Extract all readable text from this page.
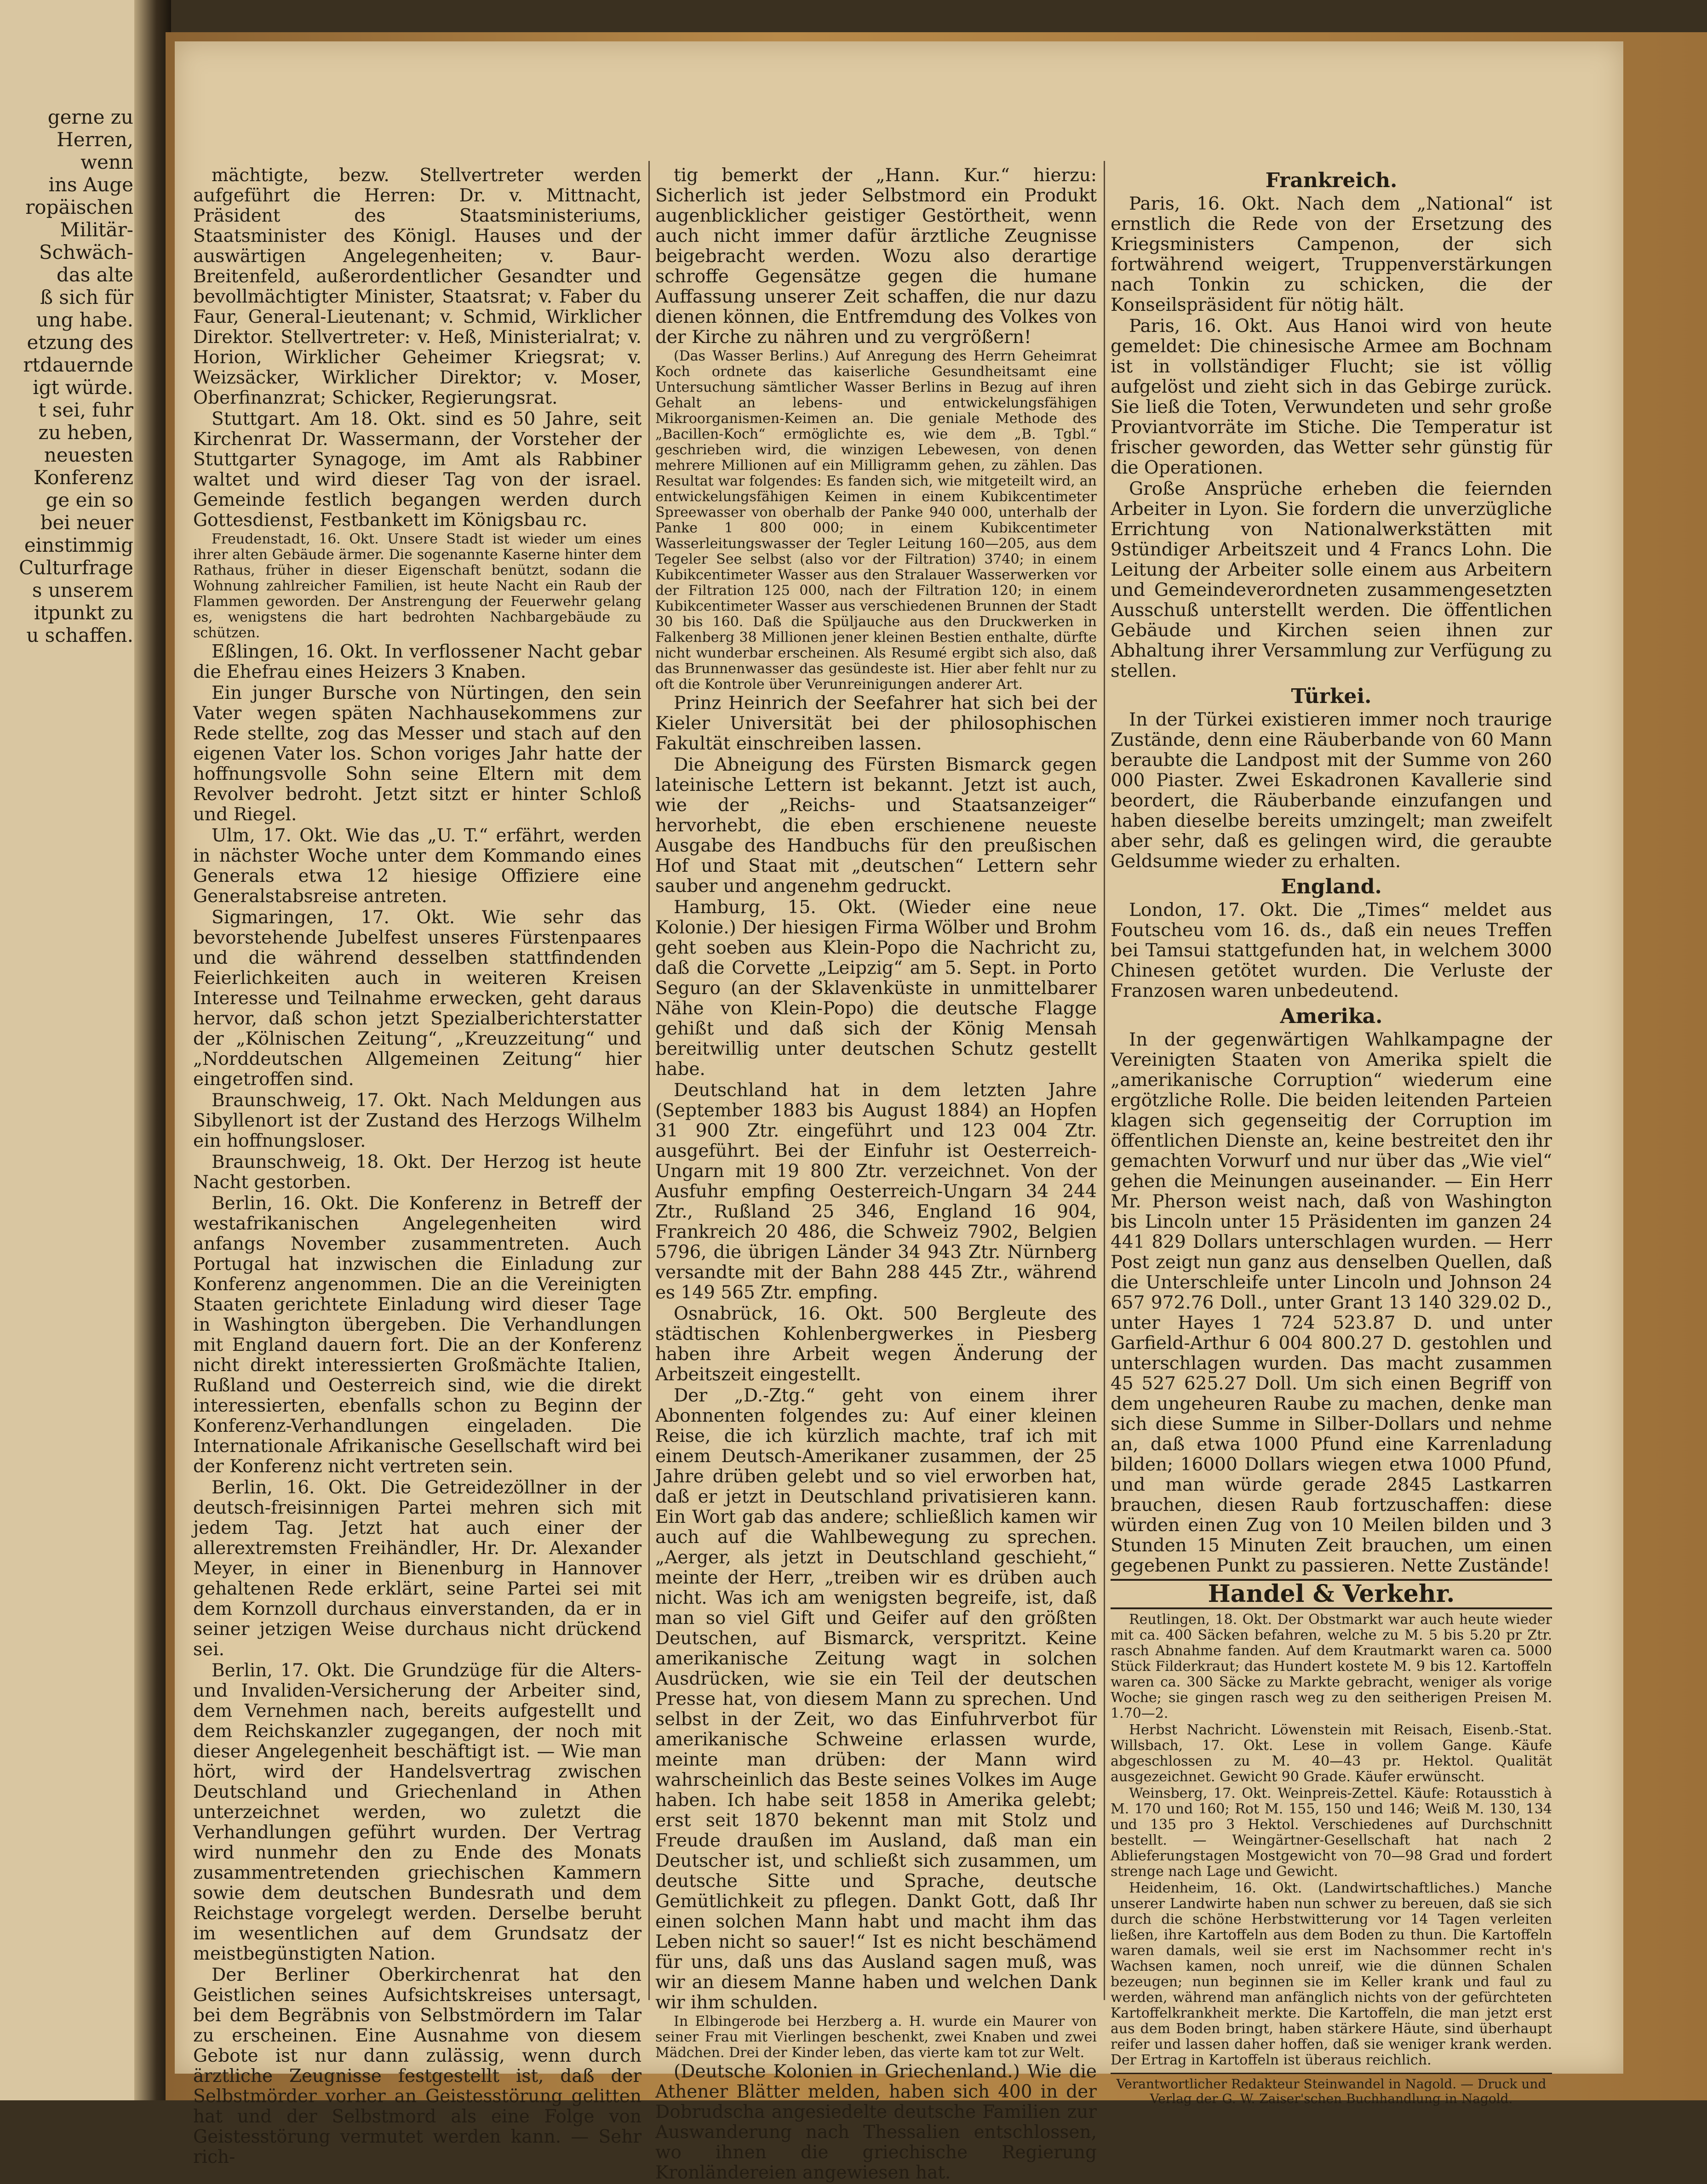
gerne zu
Herren, wenn
ins Auge
ropäischen
Militär-
Schwäch-
das alte
ß sich für
ung habe.
etzung des
rtdauernde
igt würde.
t sei, fuhr
zu heben,
neuesten
Konferenz
ge ein so
bei neuer
einstimmig
Culturfrage
s unserem
itpunkt zu
u schaffen.

mächtigte, bezw. Stellvertreter werden aufgeführt die Herren: Dr. v. Mittnacht, Präsident des Staatsministeriums, Staatsminister des Königl. Hauses und der auswärtigen Angelegenheiten; v. Baur-Breitenfeld, außerordentlicher Gesandter und bevollmächtigter Minister, Staatsrat; v. Faber du Faur, General-Lieutenant; v. Schmid, Wirklicher Direktor. Stellvertreter: v. Heß, Ministerialrat; v. Horion, Wirklicher Geheimer Kriegsrat; v. Weizsäcker, Wirklicher Direktor; v. Moser, Oberfinanzrat; Schicker, Regierungsrat.

Stuttgart. Am 18. Okt. sind es 50 Jahre, seit Kirchenrat Dr. Wassermann, der Vorsteher der Stuttgarter Synagoge, im Amt als Rabbiner waltet und wird dieser Tag von der israel. Gemeinde festlich begangen werden durch Gottesdienst, Festbankett im Königsbau rc.

Freudenstadt, 16. Okt. Unsere Stadt ist wieder um eines ihrer alten Gebäude ärmer. Die sogenannte Kaserne hinter dem Rathaus, früher in dieser Eigenschaft benützt, sodann die Wohnung zahlreicher Familien, ist heute Nacht ein Raub der Flammen geworden. Der Anstrengung der Feuerwehr gelang es, wenigstens die hart bedrohten Nachbargebäude zu schützen.

Eßlingen, 16. Okt. In verflossener Nacht gebar die Ehefrau eines Heizers 3 Knaben.

Ein junger Bursche von Nürtingen, den sein Vater wegen späten Nachhausekommens zur Rede stellte, zog das Messer und stach auf den eigenen Vater los. Schon voriges Jahr hatte der hoffnungsvolle Sohn seine Eltern mit dem Revolver bedroht. Jetzt sitzt er hinter Schloß und Riegel.

Ulm, 17. Okt. Wie das „U. T.“ erfährt, werden in nächster Woche unter dem Kommando eines Generals etwa 12 hiesige Offiziere eine Generalstabsreise antreten.

Sigmaringen, 17. Okt. Wie sehr das bevorstehende Jubelfest unseres Fürstenpaares und die während desselben stattfindenden Feierlichkeiten auch in weiteren Kreisen Interesse und Teilnahme erwecken, geht daraus hervor, daß schon jetzt Spezialberichterstatter der „Kölnischen Zeitung“, „Kreuzzeitung“ und „Norddeutschen Allgemeinen Zeitung“ hier eingetroffen sind.

Braunschweig, 17. Okt. Nach Meldungen aus Sibyllenort ist der Zustand des Herzogs Wilhelm ein hoffnungsloser.

Braunschweig, 18. Okt. Der Herzog ist heute Nacht gestorben.

Berlin, 16. Okt. Die Konferenz in Betreff der westafrikanischen Angelegenheiten wird anfangs November zusammentreten. Auch Portugal hat inzwischen die Einladung zur Konferenz angenommen. Die an die Vereinigten Staaten gerichtete Einladung wird dieser Tage in Washington übergeben. Die Verhandlungen mit England dauern fort. Die an der Konferenz nicht direkt interessierten Großmächte Italien, Rußland und Oesterreich sind, wie die direkt interessierten, ebenfalls schon zu Beginn der Konferenz-Verhandlungen eingeladen. Die Internationale Afrikanische Gesellschaft wird bei der Konferenz nicht vertreten sein.

Berlin, 16. Okt. Die Getreidezöllner in der deutsch-freisinnigen Partei mehren sich mit jedem Tag. Jetzt hat auch einer der allerextremsten Freihändler, Hr. Dr. Alexander Meyer, in einer in Bienenburg in Hannover gehaltenen Rede erklärt, seine Partei sei mit dem Kornzoll durchaus einverstanden, da er in seiner jetzigen Weise durchaus nicht drückend sei.

Berlin, 17. Okt. Die Grundzüge für die Alters- und Invaliden-Versicherung der Arbeiter sind, dem Vernehmen nach, bereits aufgestellt und dem Reichskanzler zugegangen, der noch mit dieser Angelegenheit beschäftigt ist. — Wie man hört, wird der Handelsvertrag zwischen Deutschland und Griechenland in Athen unterzeichnet werden, wo zuletzt die Verhandlungen geführt wurden. Der Vertrag wird nunmehr den zu Ende des Monats zusammentretenden griechischen Kammern sowie dem deutschen Bundesrath und dem Reichstage vorgelegt werden. Derselbe beruht im wesentlichen auf dem Grundsatz der meistbegünstigten Nation.

Der Berliner Oberkirchenrat hat den Geistlichen seines Aufsichtskreises untersagt, bei dem Begräbnis von Selbstmördern im Talar zu erscheinen. Eine Ausnahme von diesem Gebote ist nur dann zulässig, wenn durch ärztliche Zeugnisse festgestellt ist, daß der Selbstmörder vorher an Geistesstörung gelitten hat und der Selbstmord als eine Folge von Geistesstörung vermutet werden kann. — Sehr rich-

tig bemerkt der „Hann. Kur.“ hierzu: Sicherlich ist jeder Selbstmord ein Produkt augenblicklicher geistiger Gestörtheit, wenn auch nicht immer dafür ärztliche Zeugnisse beigebracht werden. Wozu also derartige schroffe Gegensätze gegen die humane Auffassung unserer Zeit schaffen, die nur dazu dienen können, die Entfremdung des Volkes von der Kirche zu nähren und zu vergrößern!

(Das Wasser Berlins.) Auf Anregung des Herrn Geheimrat Koch ordnete das kaiserliche Gesundheitsamt eine Untersuchung sämtlicher Wasser Berlins in Bezug auf ihren Gehalt an lebens- und entwickelungsfähigen Mikroorganismen-Keimen an. Die geniale Methode des „Bacillen-Koch“ ermöglichte es, wie dem „B. Tgbl.“ geschrieben wird, die winzigen Lebewesen, von denen mehrere Millionen auf ein Milligramm gehen, zu zählen. Das Resultat war folgendes: Es fanden sich, wie mitgeteilt wird, an entwickelungsfähigen Keimen in einem Kubikcentimeter Spreewasser von oberhalb der Panke 940 000, unterhalb der Panke 1 800 000; in einem Kubikcentimeter Wasserleitungswasser der Tegler Leitung 160—205, aus dem Tegeler See selbst (also vor der Filtration) 3740; in einem Kubikcentimeter Wasser aus den Stralauer Wasserwerken vor der Filtration 125 000, nach der Filtration 120; in einem Kubikcentimeter Wasser aus verschiedenen Brunnen der Stadt 30 bis 160. Daß die Spüljauche aus den Druckwerken in Falkenberg 38 Millionen jener kleinen Bestien enthalte, dürfte nicht wunderbar erscheinen. Als Resumé ergibt sich also, daß das Brunnenwasser das gesündeste ist. Hier aber fehlt nur zu oft die Kontrole über Verunreinigungen anderer Art.

Prinz Heinrich der Seefahrer hat sich bei der Kieler Universität bei der philosophischen Fakultät einschreiben lassen.

Die Abneigung des Fürsten Bismarck gegen lateinische Lettern ist bekannt. Jetzt ist auch, wie der „Reichs- und Staatsanzeiger“ hervorhebt, die eben erschienene neueste Ausgabe des Handbuchs für den preußischen Hof und Staat mit „deutschen“ Lettern sehr sauber und angenehm gedruckt.

Hamburg, 15. Okt. (Wieder eine neue Kolonie.) Der hiesigen Firma Wölber und Brohm geht soeben aus Klein-Popo die Nachricht zu, daß die Corvette „Leipzig“ am 5. Sept. in Porto Seguro (an der Sklavenküste in unmittelbarer Nähe von Klein-Popo) die deutsche Flagge gehißt und daß sich der König Mensah bereitwillig unter deutschen Schutz gestellt habe.

Deutschland hat in dem letzten Jahre (September 1883 bis August 1884) an Hopfen 31 900 Ztr. eingeführt und 123 004 Ztr. ausgeführt. Bei der Einfuhr ist Oesterreich-Ungarn mit 19 800 Ztr. verzeichnet. Von der Ausfuhr empfing Oesterreich-Ungarn 34 244 Ztr., Rußland 25 346, England 16 904, Frankreich 20 486, die Schweiz 7902, Belgien 5796, die übrigen Länder 34 943 Ztr. Nürnberg versandte mit der Bahn 288 445 Ztr., während es 149 565 Ztr. empfing.

Osnabrück, 16. Okt. 500 Bergleute des städtischen Kohlenbergwerkes in Piesberg haben ihre Arbeit wegen Änderung der Arbeitszeit eingestellt.

Der „D.-Ztg.“ geht von einem ihrer Abonnenten folgendes zu: Auf einer kleinen Reise, die ich kürzlich machte, traf ich mit einem Deutsch-Amerikaner zusammen, der 25 Jahre drüben gelebt und so viel erworben hat, daß er jetzt in Deutschland privatisieren kann. Ein Wort gab das andere; schließlich kamen wir auch auf die Wahlbewegung zu sprechen. „Aerger, als jetzt in Deutschland geschieht,“ meinte der Herr, „treiben wir es drüben auch nicht. Was ich am wenigsten begreife, ist, daß man so viel Gift und Geifer auf den größten Deutschen, auf Bismarck, verspritzt. Keine amerikanische Zeitung wagt in solchen Ausdrücken, wie sie ein Teil der deutschen Presse hat, von diesem Mann zu sprechen. Und selbst in der Zeit, wo das Einfuhrverbot für amerikanische Schweine erlassen wurde, meinte man drüben: der Mann wird wahrscheinlich das Beste seines Volkes im Auge haben. Ich habe seit 1858 in Amerika gelebt; erst seit 1870 bekennt man mit Stolz und Freude draußen im Ausland, daß man ein Deutscher ist, und schließt sich zusammen, um deutsche Sitte und Sprache, deutsche Gemütlichkeit zu pflegen. Dankt Gott, daß Ihr einen solchen Mann habt und macht ihm das Leben nicht so sauer!“ Ist es nicht beschämend für uns, daß uns das Ausland sagen muß, was wir an diesem Manne haben und welchen Dank wir ihm schulden.

In Elbingerode bei Herzberg a. H. wurde ein Maurer von seiner Frau mit Vierlingen beschenkt, zwei Knaben und zwei Mädchen. Drei der Kinder leben, das vierte kam tot zur Welt.

(Deutsche Kolonien in Griechenland.) Wie die Athener Blätter melden, haben sich 400 in der Dobrudscha angesiedelte deutsche Familien zur Auswanderung nach Thessalien entschlossen, wo ihnen die griechische Regierung Kronländereien angewiesen hat.

Frankreich.

Paris, 16. Okt. Nach dem „National“ ist ernstlich die Rede von der Ersetzung des Kriegsministers Campenon, der sich fortwährend weigert, Truppenverstärkungen nach Tonkin zu schicken, die der Konseilspräsident für nötig hält.

Paris, 16. Okt. Aus Hanoi wird von heute gemeldet: Die chinesische Armee am Bochnam ist in vollständiger Flucht; sie ist völlig aufgelöst und zieht sich in das Gebirge zurück. Sie ließ die Toten, Verwundeten und sehr große Proviantvorräte im Stiche. Die Temperatur ist frischer geworden, das Wetter sehr günstig für die Operationen.

Große Ansprüche erheben die feiernden Arbeiter in Lyon. Sie fordern die unverzügliche Errichtung von Nationalwerkstätten mit 9stündiger Arbeitszeit und 4 Francs Lohn. Die Leitung der Arbeiter solle einem aus Arbeitern und Gemeindeverordneten zusammengesetzten Ausschuß unterstellt werden. Die öffentlichen Gebäude und Kirchen seien ihnen zur Abhaltung ihrer Versammlung zur Verfügung zu stellen.

Türkei.

In der Türkei existieren immer noch traurige Zustände, denn eine Räuberbande von 60 Mann beraubte die Landpost mit der Summe von 260 000 Piaster. Zwei Eskadronen Kavallerie sind beordert, die Räuberbande einzufangen und haben dieselbe bereits umzingelt; man zweifelt aber sehr, daß es gelingen wird, die geraubte Geldsumme wieder zu erhalten.

England.

London, 17. Okt. Die „Times“ meldet aus Foutscheu vom 16. ds., daß ein neues Treffen bei Tamsui stattgefunden hat, in welchem 3000 Chinesen getötet wurden. Die Verluste der Franzosen waren unbedeutend.

Amerika.

In der gegenwärtigen Wahlkampagne der Vereinigten Staaten von Amerika spielt die „amerikanische Corruption“ wiederum eine ergötzliche Rolle. Die beiden leitenden Parteien klagen sich gegenseitig der Corruption im öffentlichen Dienste an, keine bestreitet den ihr gemachten Vorwurf und nur über das „Wie viel“ gehen die Meinungen auseinander. — Ein Herr Mr. Pherson weist nach, daß von Washington bis Lincoln unter 15 Präsidenten im ganzen 24 441 829 Dollars unterschlagen wurden. — Herr Post zeigt nun ganz aus denselben Quellen, daß die Unterschleife unter Lincoln und Johnson 24 657 972.76 Doll., unter Grant 13 140 329.02 D., unter Hayes 1 724 523.87 D. und unter Garfield-Arthur 6 004 800.27 D. gestohlen und unterschlagen wurden. Das macht zusammen 45 527 625.27 Doll. Um sich einen Begriff von dem ungeheuren Raube zu machen, denke man sich diese Summe in Silber-Dollars und nehme an, daß etwa 1000 Pfund eine Karrenladung bilden; 16000 Dollars wiegen etwa 1000 Pfund, und man würde gerade 2845 Lastkarren brauchen, diesen Raub fortzuschaffen: diese würden einen Zug von 10 Meilen bilden und 3 Stunden 15 Minuten Zeit brauchen, um einen gegebenen Punkt zu passieren. Nette Zustände!

Handel & Verkehr.

Reutlingen, 18. Okt. Der Obstmarkt war auch heute wieder mit ca. 400 Säcken befahren, welche zu M. 5 bis 5.20 pr Ztr. rasch Abnahme fanden. Auf dem Krautmarkt waren ca. 5000 Stück Filderkraut; das Hundert kostete M. 9 bis 12. Kartoffeln waren ca. 300 Säcke zu Markte gebracht, weniger als vorige Woche; sie gingen rasch weg zu den seitherigen Preisen M. 1.70—2.

Herbst Nachricht. Löwenstein mit Reisach, Eisenb.-Stat. Willsbach, 17. Okt. Lese in vollem Gange. Käufe abgeschlossen zu M. 40—43 pr. Hektol. Qualität ausgezeichnet. Gewicht 90 Grade. Käufer erwünscht.

Weinsberg, 17. Okt. Weinpreis-Zettel. Käufe: Rotausstich à M. 170 und 160; Rot M. 155, 150 und 146; Weiß M. 130, 134 und 135 pro 3 Hektol. Verschiedenes auf Durchschnitt bestellt. — Weingärtner-Gesellschaft hat nach 2 Ablieferungstagen Mostgewicht von 70—98 Grad und fordert strenge nach Lage und Gewicht.

Heidenheim, 16. Okt. (Landwirtschaftliches.) Manche unserer Landwirte haben nun schwer zu bereuen, daß sie sich durch die schöne Herbstwitterung vor 14 Tagen verleiten ließen, ihre Kartoffeln aus dem Boden zu thun. Die Kartoffeln waren damals, weil sie erst im Nachsommer recht in's Wachsen kamen, noch unreif, wie die dünnen Schalen bezeugen; nun beginnen sie im Keller krank und faul zu werden, während man anfänglich nichts von der gefürchteten Kartoffelkrankheit merkte. Die Kartoffeln, die man jetzt erst aus dem Boden bringt, haben stärkere Häute, sind überhaupt reifer und lassen daher hoffen, daß sie weniger krank werden. Der Ertrag in Kartoffeln ist überaus reichlich.

Verantwortlicher Redakteur Steinwandel in Nagold. — Druck und Verlag der G. W. Zaiser'schen Buchhandlung in Nagold.
